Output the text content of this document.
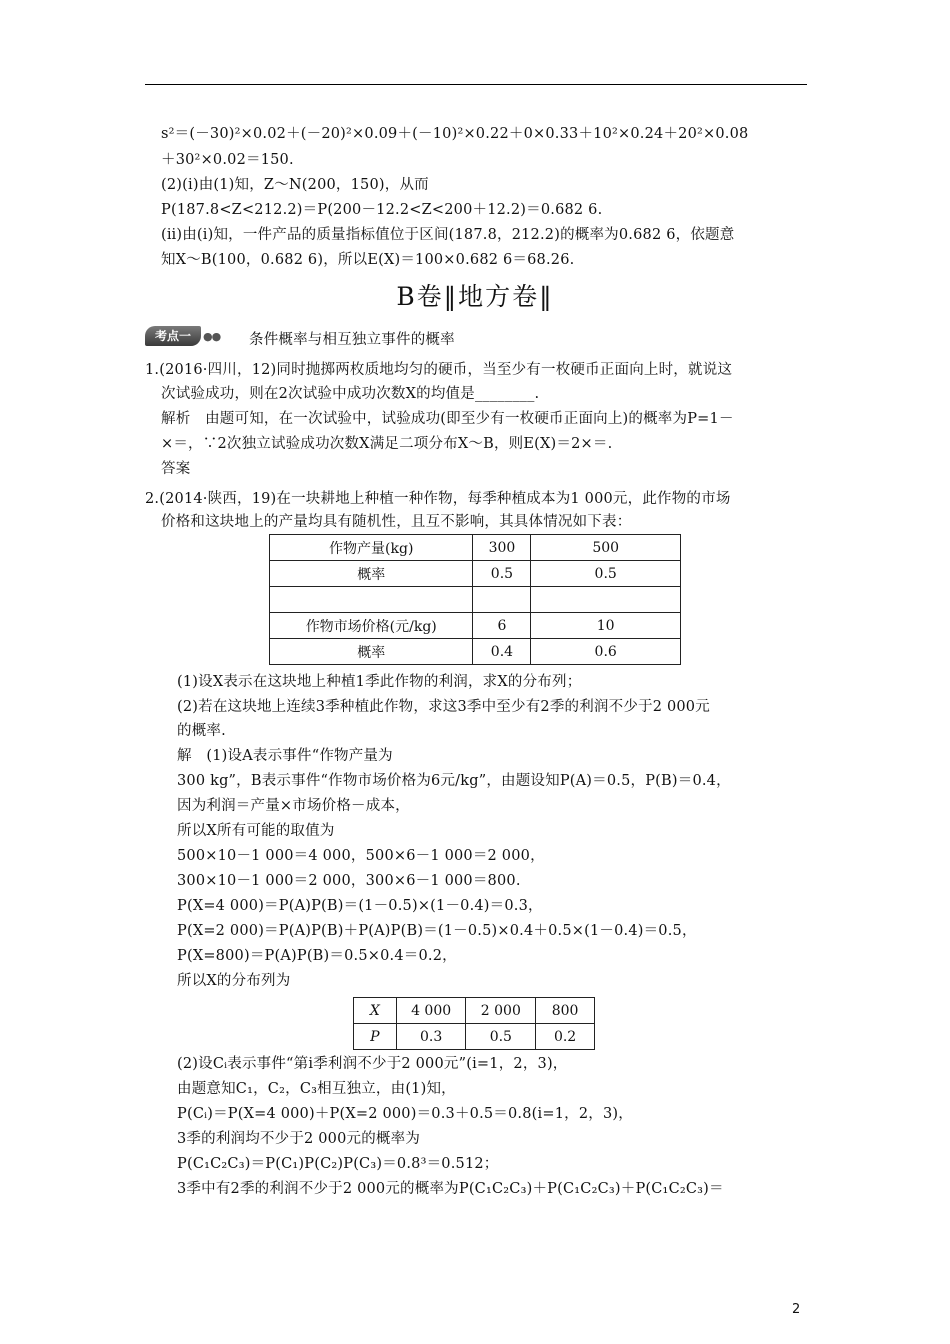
s²＝(－30)²×0.02＋(－20)²×0.09＋(－10)²×0.22＋0×0.33＋10²×0.24＋20²×0.08
＋30²×0.02＝150.
(2)(ⅰ)由(1)知，Z～N(200，150)，从而
P(187.8<Z<212.2)＝P(200－12.2<Z<200＋12.2)＝0.682 6.
(ⅱ)由(ⅰ)知，一件产品的质量指标值位于区间(187.8，212.2)的概率为0.682 6，依题意
知X～B(100，0.682 6)，所以E(X)＝100×0.682 6＝68.26.
B卷‖地方卷‖
考点一	●● 条件概率与相互独立事件的概率
1.(2016·四川，12)同时抛掷两枚质地均匀的硬币，当至少有一枚硬币正面向上时，就说这
次试验成功，则在2次试验中成功次数X的均值是________.
解析　由题可知，在一次试验中，试验成功(即至少有一枚硬币正面向上)的概率为P=1－
×＝，∵2次独立试验成功次数X满足二项分布X～B，则E(X)＝2×＝.
答案
2.(2014·陕西，19)在一块耕地上种植一种作物，每季种植成本为1 000元，此作物的市场
价格和这块地上的产量均具有随机性，且互不影响，其具体情况如下表：
作物产量(kg)	300	500
概率	0.5	0.5

作物市场价格(元/kg)	6	10
概率	0.4	0.6
(1)设X表示在这块地上种植1季此作物的利润，求X的分布列；
(2)若在这块地上连续3季种植此作物，求这3季中至少有2季的利润不少于2 000元
的概率.
解　(1)设A表示事件“作物产量为
300 kg”，B表示事件“作物市场价格为6元/kg”，由题设知P(A)＝0.5，P(B)＝0.4，
因为利润＝产量×市场价格－成本，
所以X所有可能的取值为
500×10－1 000＝4 000，500×6－1 000＝2 000，
300×10－1 000＝2 000，300×6－1 000＝800.
P(X=4 000)＝P(A)P(B)＝(1－0.5)×(1－0.4)＝0.3，
P(X=2 000)＝P(A)P(B)＋P(A)P(B)＝(1－0.5)×0.4＋0.5×(1－0.4)＝0.5，
P(X=800)＝P(A)P(B)＝0.5×0.4＝0.2，
所以X的分布列为
X	4 000	2 000	800
P	0.3	0.5	0.2
(2)设Cᵢ表示事件“第i季利润不少于2 000元”(i=1，2，3)，
由题意知C₁，C₂，C₃相互独立，由(1)知，
P(Cᵢ)＝P(X=4 000)＋P(X=2 000)＝0.3＋0.5＝0.8(i=1，2，3)，
3季的利润均不少于2 000元的概率为
P(C₁C₂C₃)＝P(C₁)P(C₂)P(C₃)＝0.8³＝0.512；
3季中有2季的利润不少于2 000元的概率为P(C₁C₂C₃)＋P(C₁C₂C₃)＋P(C₁C₂C₃)＝
2
